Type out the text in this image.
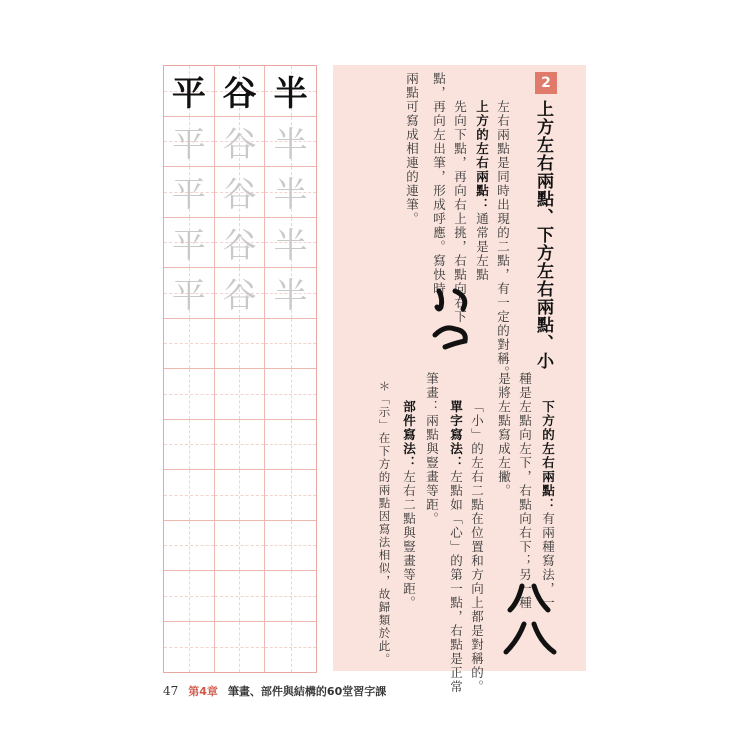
平 谷 半
平 谷 半
平 谷 半
平 谷 半
平 谷 半
2
上方左右兩點、下方左右兩點、小
左右兩點是同時出現的二點，有一定的對稱。
上方的左右兩點：通常是左點
先向下點，再向右上挑，右點向右下
點，再向左出筆，形成呼應。寫快時
兩點可寫成相連的連筆。
下方的左右兩點：有兩種寫法，一
種是左點向左下，右點向右下；另一種
是將左點寫成左撇。
「小」的左右二點在位置和方向上都是對稱的。
單字寫法：左點如「心」的第一點，右點是正常
筆畫：兩點與豎畫等距。
部件寫法：左右二點與豎畫等距。
＊「示」在下方的兩點因寫法相似，故歸類於此。
47 第4章 筆畫、部件與結構的60堂習字課
